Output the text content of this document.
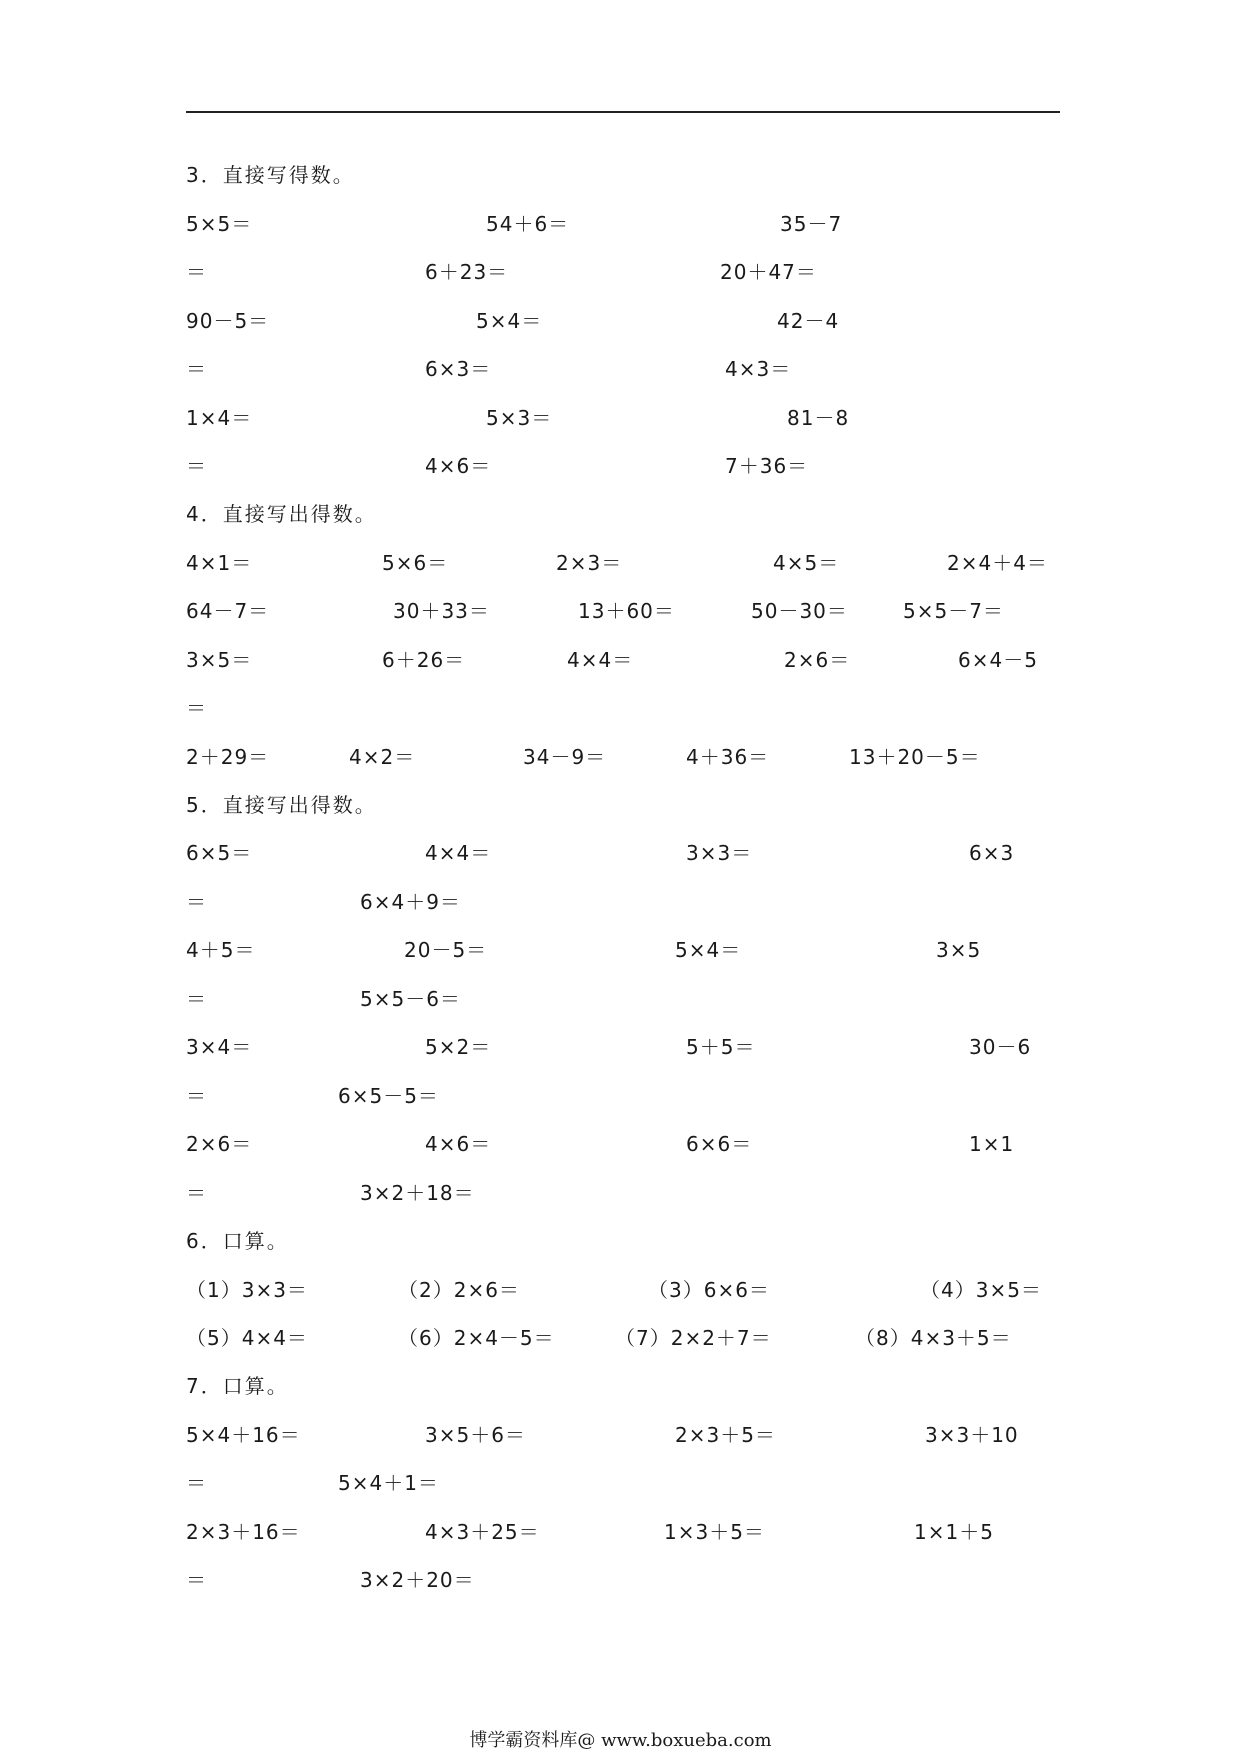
3．直接写得数。
5×5＝	54＋6＝	35－7
＝	6＋23＝	20＋47＝
90－5＝	5×4＝	42－4
＝	6×3＝	4×3＝
1×4＝	5×3＝	81－8
＝	4×6＝	7＋36＝
4．直接写出得数。
4×1＝	5×6＝	2×3＝	4×5＝	2×4＋4＝
64－7＝	30＋33＝	13＋60＝	50－30＝	5×5－7＝
3×5＝	6＋26＝	4×4＝	2×6＝	6×4－5
＝
2＋29＝	4×2＝	34－9＝	4＋36＝	13＋20－5＝
5．直接写出得数。
6×5＝	4×4＝	3×3＝	6×3
＝	6×4＋9＝
4＋5＝	20－5＝	5×4＝	3×5
＝	5×5－6＝
3×4＝	5×2＝	5＋5＝	30－6
＝	6×5－5＝
2×6＝	4×6＝	6×6＝	1×1
＝	3×2＋18＝
6．口算。
（1）3×3＝	（2）2×6＝	（3）6×6＝	（4）3×5＝
（5）4×4＝	（6）2×4－5＝	（7）2×2＋7＝	（8）4×3＋5＝
7．口算。
5×4＋16＝	3×5＋6＝	2×3＋5＝	3×3＋10
＝	5×4＋1＝
2×3＋16＝	4×3＋25＝	1×3＋5＝	1×1＋5
＝	3×2＋20＝
博学霸资料库@ www.boxueba.com
